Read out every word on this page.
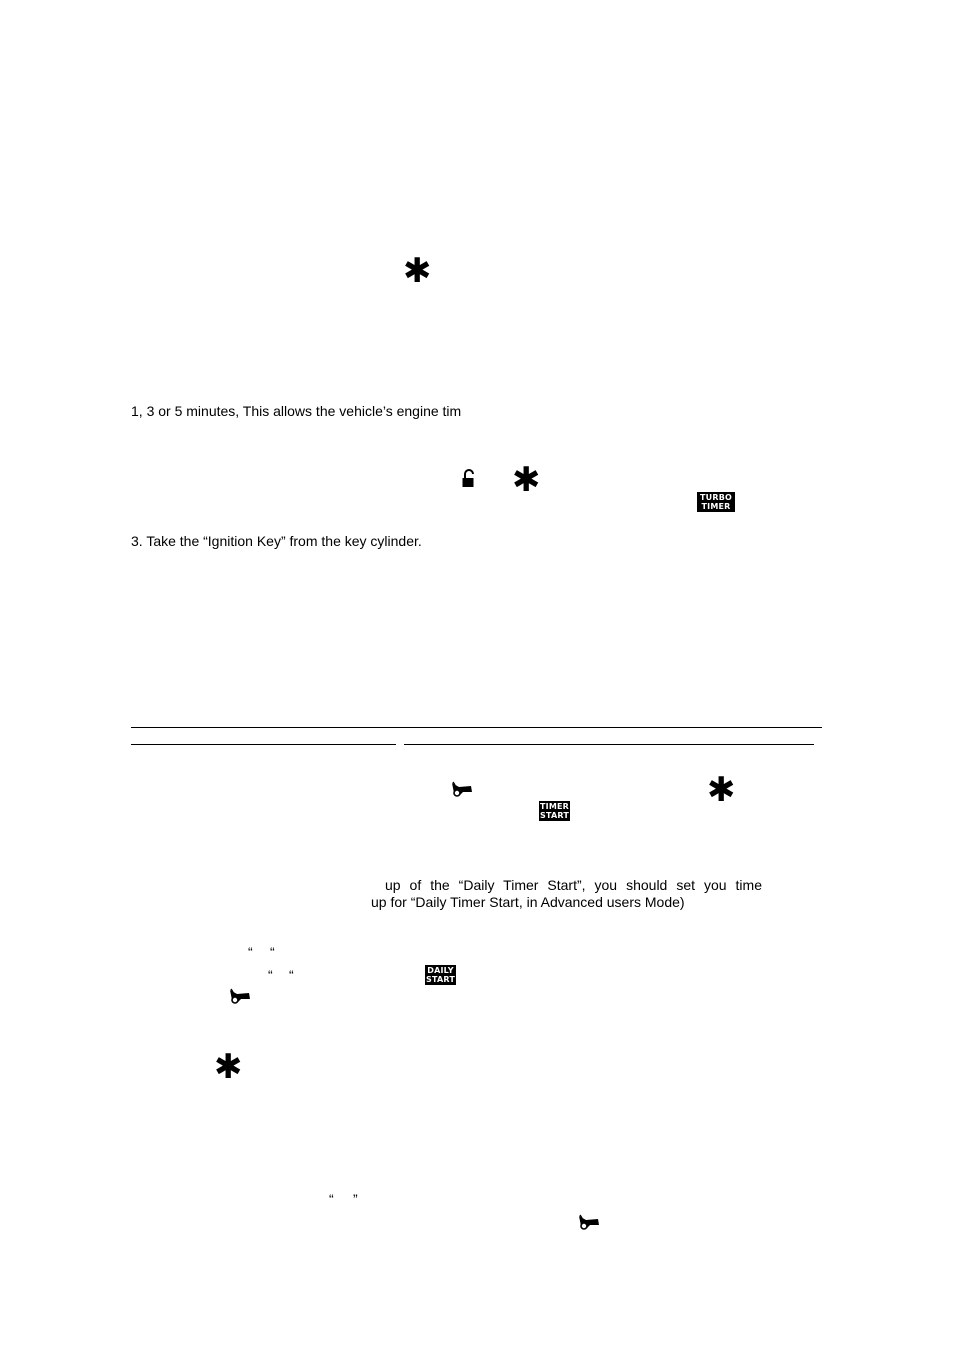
✱
✱
✱
✱
1, 3 or 5 minutes, This allows the vehicle’s engine tim
TURBO
TIMER
3. Take the “Ignition Key” from the key cylinder.
TIMER
START
up of the “Daily Timer Start”, you should set you time
up for “Daily Timer Start, in Advanced users Mode)
“ “
“ “
“ ”
DAILY
START
